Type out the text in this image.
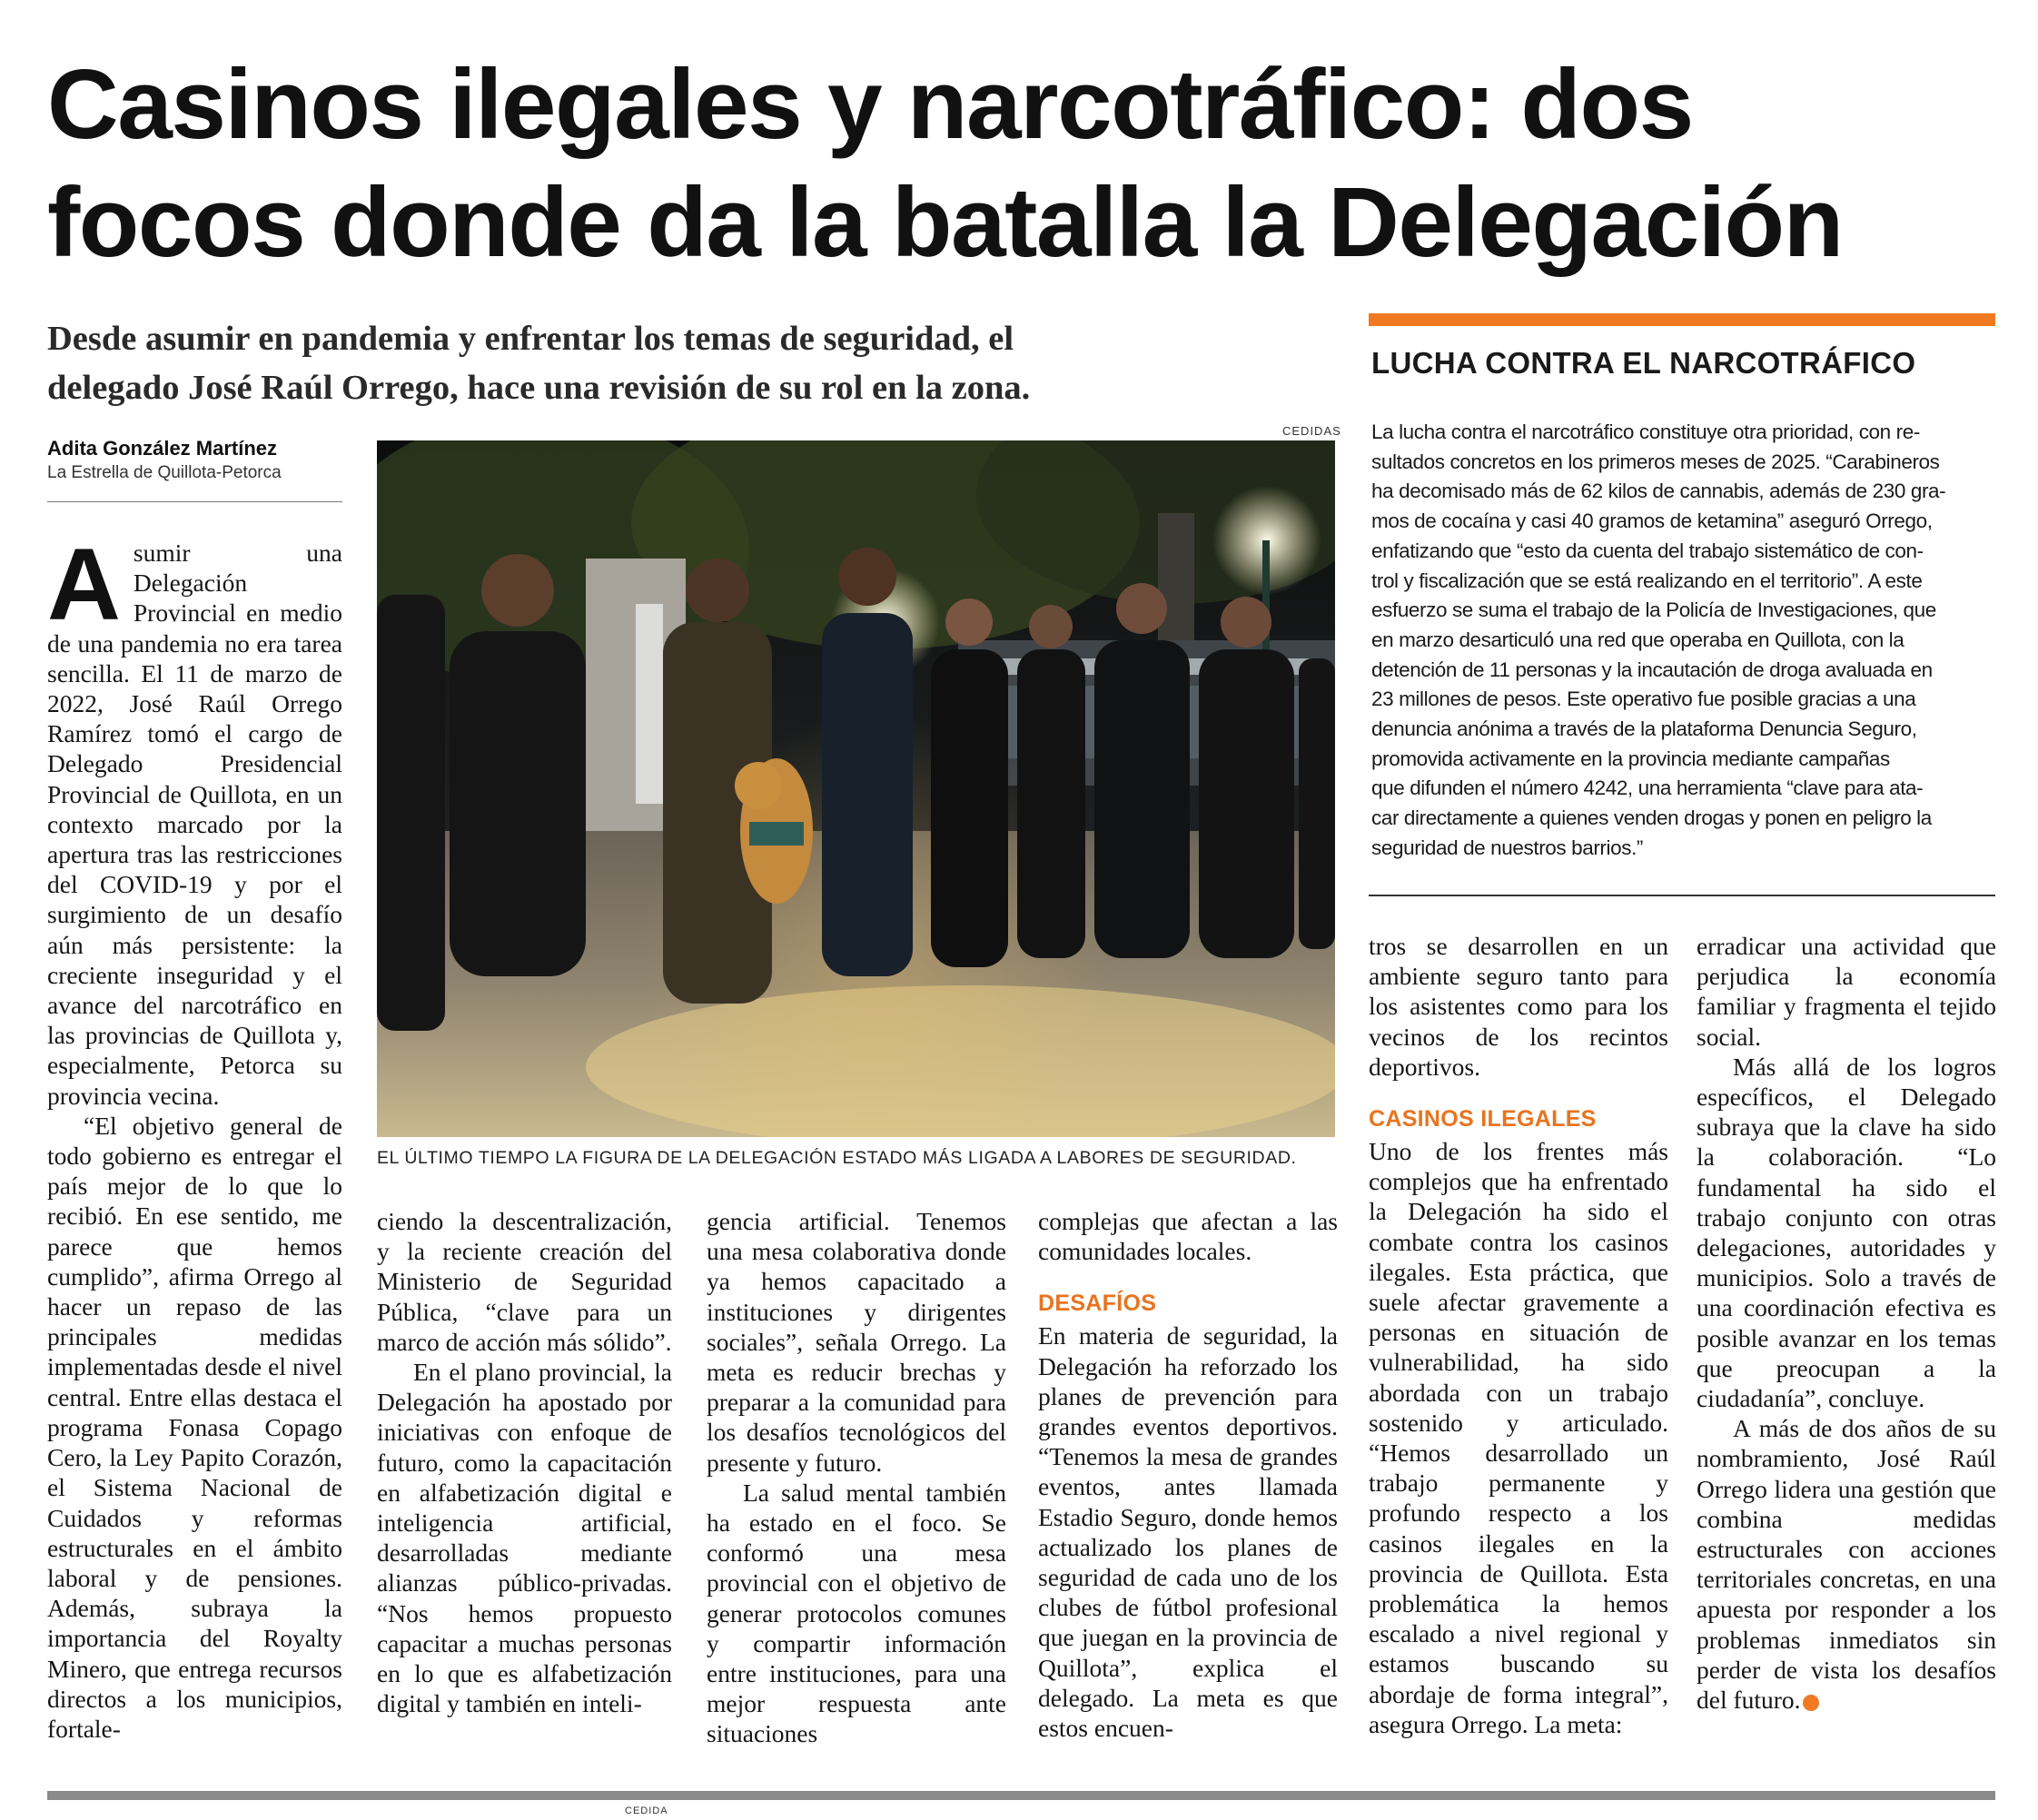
Casinos ilegales y narcotráfico: dos
focos donde da la batalla la Delegación

Desde asumir en pandemia y enfrentar los temas de seguridad, el
delegado José Raúl Orrego, hace una revisión de su rol en la zona.

Adita González Martínez
La Estrella de Quillota-Petorca
CEDIDAS
EL ÚLTIMO TIEMPO LA FIGURA DE LA DELEGACIÓN ESTADO MÁS LIGADA A LABORES DE SEGURIDAD.

Asumir una Delegación Provincial en medio de una pandemia no era tarea sencilla. El 11 de marzo de 2022, José Raúl Orrego Ramírez tomó el cargo de Delegado Presidencial Provincial de Quillota, en un contexto marcado por la apertura tras las restricciones del COVID-19 y por el surgimiento de un desafío aún más persistente: la creciente inseguridad y el avance del narcotráfico en las provincias de Quillota y, especialmente, Petorca su provincia vecina.

“El objetivo general de todo gobierno es entregar el país mejor de lo que lo recibió. En ese sentido, me parece que hemos cumplido”, afirma Orrego al hacer un repaso de las principales medidas implementadas desde el nivel central. Entre ellas destaca el programa Fonasa Copago Cero, la Ley Papito Corazón, el Sistema Nacional de Cuidados y reformas estructurales en el ámbito laboral y de pensiones. Además, subraya la importancia del Royalty Minero, que entrega recursos directos a los municipios, fortale-

ciendo la descentralización, y la reciente creación del Ministerio de Seguridad Pública, “clave para un marco de acción más sólido”.

En el plano provincial, la Delegación ha apostado por iniciativas con enfoque de futuro, como la capacitación en alfabetización digital e inteligencia artificial, desarrolladas mediante alianzas público-privadas. “Nos hemos propuesto capacitar a muchas personas en lo que es alfabetización digital y también en inteli-

gencia artificial. Tenemos una mesa colaborativa donde ya hemos capacitado a instituciones y dirigentes sociales”, señala Orrego. La meta es reducir brechas y preparar a la comunidad para los desafíos tecnológicos del presente y futuro.

La salud mental también ha estado en el foco. Se conformó una mesa provincial con el objetivo de generar protocolos comunes y compartir información entre instituciones, para una mejor respuesta ante situaciones

complejas que afectan a las comunidades locales.

DESAFÍOS

En materia de seguridad, la Delegación ha reforzado los planes de prevención para grandes eventos deportivos. “Tenemos la mesa de grandes eventos, antes llamada Estadio Seguro, donde hemos actualizado los planes de seguridad de cada uno de los clubes de fútbol profesional que juegan en la provincia de Quillota”, explica el delegado. La meta es que estos encuen-

LUCHA CONTRA EL NARCOTRÁFICO
La lucha contra el narcotráfico constituye otra prioridad, con re-
sultados concretos en los primeros meses de 2025. “Carabineros
ha decomisado más de 62 kilos de cannabis, además de 230 gra-
mos de cocaína y casi 40 gramos de ketamina” aseguró Orrego,
enfatizando que “esto da cuenta del trabajo sistemático de con-
trol y fiscalización que se está realizando en el territorio”. A este
esfuerzo se suma el trabajo de la Policía de Investigaciones, que
en marzo desarticuló una red que operaba en Quillota, con la
detención de 11 personas y la incautación de droga avaluada en
23 millones de pesos. Este operativo fue posible gracias a una
denuncia anónima a través de la plataforma Denuncia Seguro,
promovida activamente en la provincia mediante campañas
que difunden el número 4242, una herramienta “clave para ata-
car directamente a quienes venden drogas y ponen en peligro la
seguridad de nuestros barrios.”

tros se desarrollen en un ambiente seguro tanto para los asistentes como para los vecinos de los recintos deportivos.

CASINOS ILEGALES

Uno de los frentes más complejos que ha enfrentado la Delegación ha sido el combate contra los casinos ilegales. Esta práctica, que suele afectar gravemente a personas en situación de vulnerabilidad, ha sido abordada con un trabajo sostenido y articulado. “Hemos desarrollado un trabajo permanente y profundo respecto a los casinos ilegales en la provincia de Quillota. Esta problemática la hemos escalado a nivel regional y estamos buscando su abordaje de forma integral”, asegura Orrego. La meta:

erradicar una actividad que perjudica la economía familiar y fragmenta el tejido social.

Más allá de los logros específicos, el Delegado subraya que la clave ha sido la colaboración. “Lo fundamental ha sido el trabajo conjunto con otras delegaciones, autoridades y municipios. Solo a través de una coordinación efectiva es posible avanzar en los temas que preocupan a la ciudadanía”, concluye.

A más de dos años de su nombramiento, José Raúl Orrego lidera una gestión que combina medidas estructurales con acciones territoriales concretas, en una apuesta por responder a los problemas inmediatos sin perder de vista los desafíos del futuro.	✪

CEDIDA
